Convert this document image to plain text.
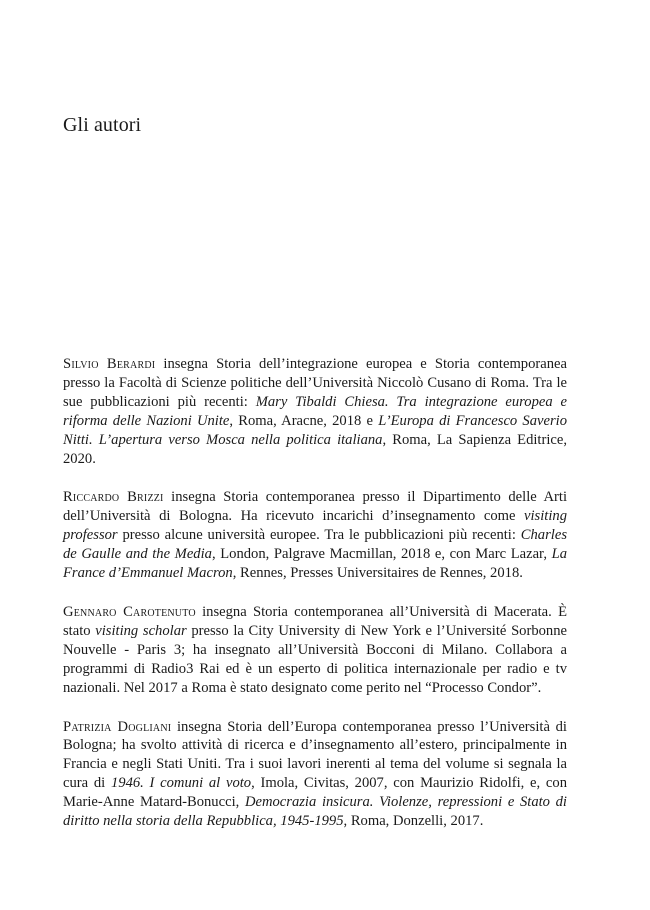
Gli autori

Silvio Berardi insegna Storia dell’integrazione europea e Storia contemporanea presso la Facoltà di Scienze politiche dell’Università Niccolò Cusano di Roma. Tra le sue pubblicazioni più recenti: Mary Tibaldi Chiesa. Tra integrazione europea e riforma delle Nazioni Unite, Roma, Aracne, 2018 e L’Europa di Francesco Saverio Nitti. L’apertura verso Mosca nella politica italiana, Roma, La Sapienza Editrice, 2020.

Riccardo Brizzi insegna Storia contemporanea presso il Dipartimento delle Arti dell’Università di Bologna. Ha ricevuto incarichi d’insegnamento come visiting professor presso alcune università europee. Tra le pubblicazioni più recenti: Charles de Gaulle and the Media, London, Palgrave Macmillan, 2018 e, con Marc Lazar, La France d’Emmanuel Macron, Rennes, Presses Universitaires de Rennes, 2018.

Gennaro Carotenuto insegna Storia contemporanea all’Università di Macerata. È stato visiting scholar presso la City University di New York e l’Université Sorbonne Nouvelle - Paris 3; ha insegnato all’Università Bocconi di Milano. Collabora a programmi di Radio3 Rai ed è un esperto di politica internazionale per radio e tv nazionali. Nel 2017 a Roma è stato designato come perito nel “Processo Condor”.

Patrizia Dogliani insegna Storia dell’Europa contemporanea presso l’Università di Bologna; ha svolto attività di ricerca e d’insegnamento all’estero, principalmente in Francia e negli Stati Uniti. Tra i suoi lavori inerenti al tema del volume si segnala la cura di 1946. I comuni al voto, Imola, Civitas, 2007, con Maurizio Ridolfi, e, con Marie-Anne Matard-Bonucci, Democrazia insicura. Violenze, repressioni e Stato di diritto nella storia della Repubblica, 1945-1995, Roma, Donzelli, 2017.
